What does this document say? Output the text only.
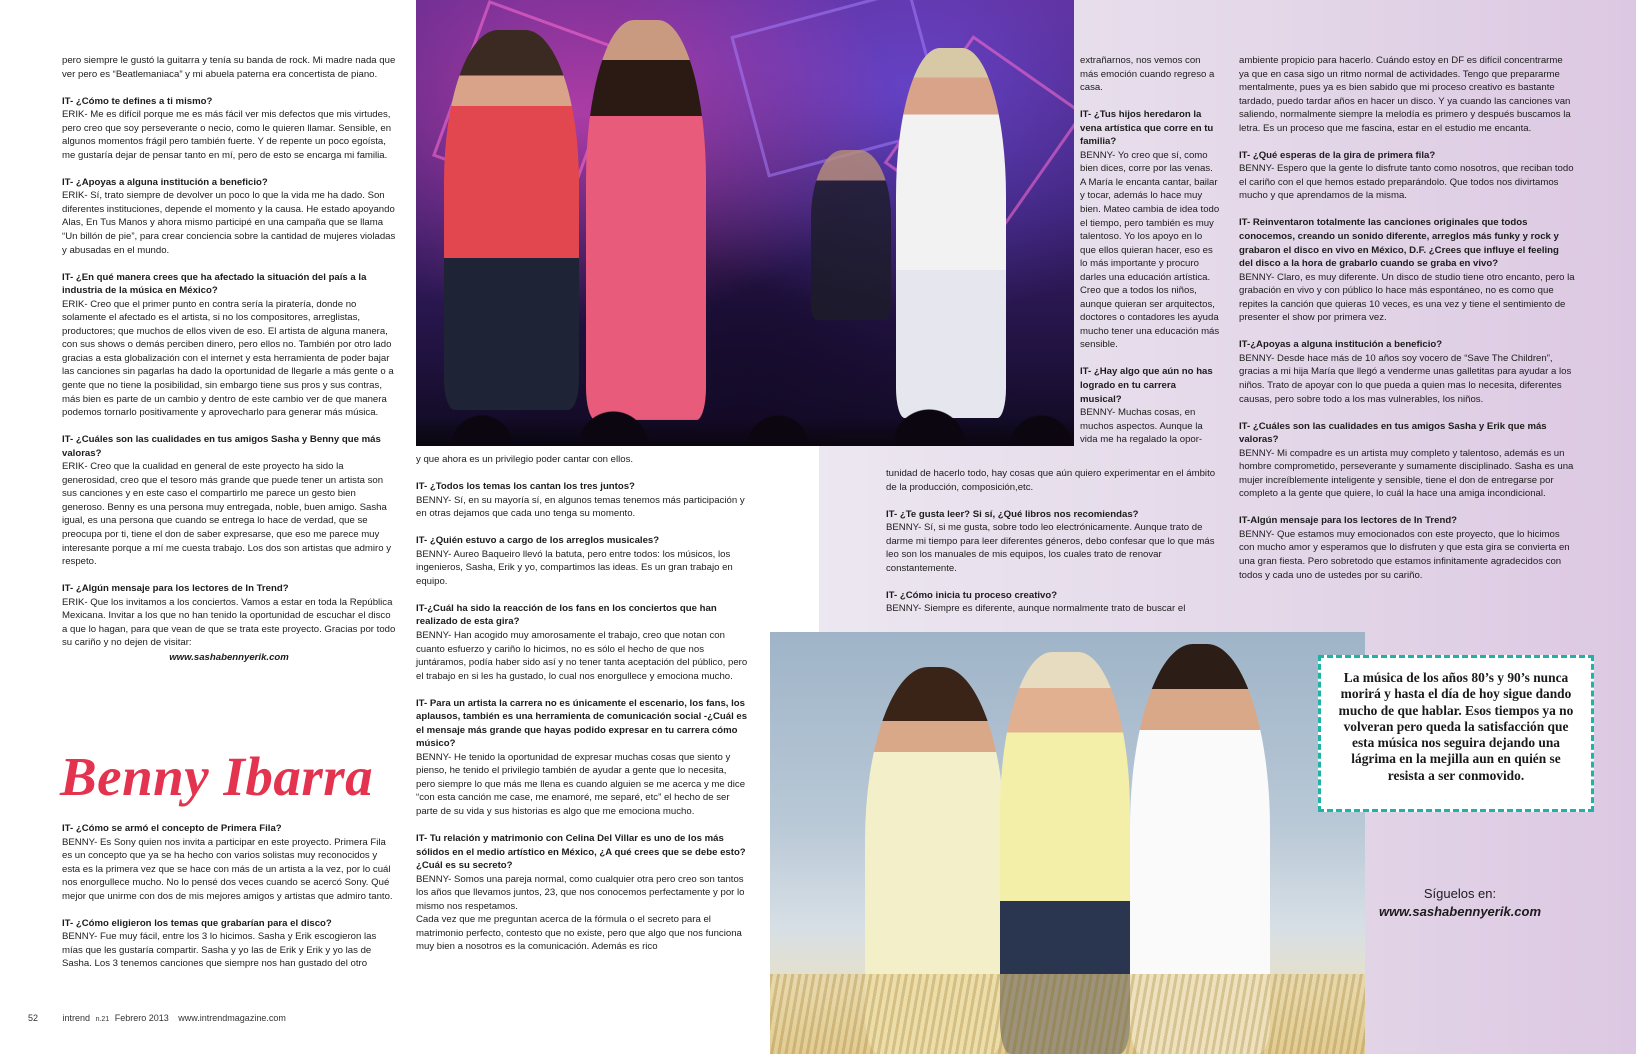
pero siempre le gustó la guitarra y tenía su banda de rock. Mi madre nada que ver pero es “Beatlemaniaca” y mi abuela paterna era concertista de piano.

IT- ¿Cómo te defines a ti mismo?
ERIK- Me es difícil porque me es más fácil ver mis defectos que mis virtudes, pero creo que soy perseverante o necio, como le quieren llamar. Sensible, en algunos momentos frágil pero también fuerte. Y de repente un poco egoísta, me gustaría dejar de pensar tanto en mí, pero de esto se encarga mi familia.

IT- ¿Apoyas a alguna institución a beneficio?
ERIK- Sí, trato siempre de devolver un poco lo que la vida me ha dado. Son diferentes instituciones, depende el momento y la causa. He estado apoyando Alas, En Tus Manos y ahora mismo participé en una campaña que se llama “Un billón de pie”, para crear conciencia sobre la cantidad de mujeres violadas y abusadas en el mundo.

IT- ¿En qué manera crees que ha afectado la situación del país a la industria de la música en México?
ERIK- Creo que el primer punto en contra sería la piratería, donde no solamente el afectado es el artista, si no los compositores, arreglistas, productores; que muchos de ellos viven de eso. El artista de alguna manera, con sus shows o demás perciben dinero, pero ellos no. También por otro lado gracias a esta globalización con el internet y esta herramienta de poder bajar las canciones sin pagarlas ha dado la oportunidad de llegarle a más gente o a gente que no tiene la posibilidad, sin embargo tiene sus pros y sus contras, más bien es parte de un cambio y dentro de este cambio ver de que manera podemos tornarlo positivamente y aprovecharlo para generar más música.

IT- ¿Cuáles son las cualidades en tus amigos Sasha y Benny que más valoras?
ERIK- Creo que la cualidad en general de este proyecto ha sido la generosidad, creo que el tesoro más grande que puede tener un artista son sus canciones y en este caso el compartirlo me parece un gesto bien generoso. Benny es una persona muy entregada, noble, buen amigo. Sasha igual, es una persona que cuando se entrega lo hace de verdad, que se preocupa por ti, tiene el don de saber expresarse, que eso me parece muy interesante porque a mí me cuesta trabajo. Los dos son artistas que admiro y respeto.

IT- ¿Algún mensaje para los lectores de In Trend?
ERIK- Que los invitamos a los conciertos. Vamos a estar en toda la República Mexicana. Invitar a los que no han tenido la oportunidad de escuchar el disco a que lo hagan, para que vean de que se trata este proyecto. Gracias por todo su cariño y no dejen de visitar:

www.sashabennyerik.com
Benny Ibarra

IT- ¿Cómo se armó el concepto de Primera Fila?
BENNY- Es Sony quien nos invita a participar en este proyecto. Primera Fila es un concepto que ya se ha hecho con varios solistas muy reconocidos y esta es la primera vez que se hace con más de un artista a la vez, por lo cuál nos enorgullece mucho. No lo pensé dos veces cuando se acercó Sony. Qué mejor que unirme con dos de mis mejores amigos y artistas que admiro tanto.

IT- ¿Cómo eligieron los temas que grabarían para el disco?
BENNY- Fue muy fácil, entre los 3 lo hicimos. Sasha y Erik escogieron las mías que les gustaría compartir. Sasha y yo las de Erik y Erik y yo las de Sasha. Los 3 tenemos canciones que siempre nos han gustado del otro

y que ahora es un privilegio poder cantar con ellos.

IT- ¿Todos los temas los cantan los tres juntos?
BENNY- Sí, en su mayoría sí, en algunos temas tenemos más participación y en otras dejamos que cada uno tenga su momento.

IT- ¿Quién estuvo a cargo de los arreglos musicales?
BENNY- Aureo Baqueiro llevó la batuta, pero entre todos: los músicos, los ingenieros, Sasha, Erik y yo, compartimos las ideas. Es un gran trabajo en equipo.

IT-¿Cuál ha sido la reacción de los fans en los conciertos que han realizado de esta gira?
BENNY- Han acogido muy amorosamente el trabajo, creo que notan con cuanto esfuerzo y cariño lo hicimos, no es sólo el hecho de que nos juntáramos, podía haber sido así y no tener tanta aceptación del público, pero el trabajo en si les ha gustado, lo cual nos enorgullece y emociona mucho.

IT- Para un artista la carrera no es únicamente el escenario, los fans, los aplausos, también es una herramienta de comunicación social -¿Cuál es el mensaje más grande que hayas podido expresar en tu carrera cómo músico?
BENNY- He tenido la oportunidad de expresar muchas cosas que siento y pienso, he tenido el privilegio también de ayudar a gente que lo necesita, pero siempre lo que más me llena es cuando alguien se me acerca y me dice “con esta canción me case, me enamoré, me separé, etc” el hecho de ser parte de su vida y sus historias es algo que me emociona mucho.

IT- Tu relación y matrimonio con Celina Del Villar es uno de los más sólidos en el medio artístico en México, ¿A qué crees que se debe esto? ¿Cuál es su secreto?
BENNY- Somos una pareja normal, como cualquier otra pero creo son tantos los años que llevamos juntos, 23, que nos conocemos perfectamente y por lo mismo nos respetamos.
Cada vez que me preguntan acerca de la fórmula o el secreto para el matrimonio perfecto, contesto que no existe, pero que algo que nos funciona muy bien a nosotros es la comunicación. Además es rico

extrañarnos, nos vemos con más emoción cuando regreso a casa.

IT- ¿Tus hijos heredaron la vena artística que corre en tu familia?
BENNY- Yo creo que sí, como bien dices, corre por las venas. A María le encanta cantar, bailar y tocar, además lo hace muy bien. Mateo cambia de idea todo el tiempo, pero también es muy talentoso. Yo los apoyo en lo que ellos quieran hacer, eso es lo más importante y procuro darles una educación artística. Creo que a todos los niños, aunque quieran ser arquitectos, doctores o contadores les ayuda mucho tener una educación más sensible.

IT- ¿Hay algo que aún no has logrado en tu carrera musical?
BENNY- Muchas cosas, en muchos aspectos. Aunque la vida me ha regalado la opor-

tunidad de hacerlo todo, hay cosas que aún quiero experimentar en el ámbito de la producción, composición,etc.

IT- ¿Te gusta leer? Si sí, ¿Qué libros nos recomiendas?
BENNY- Sí, si me gusta, sobre todo leo electrónicamente. Aunque trato de darme mi tiempo para leer diferentes géneros, debo confesar que lo que más leo son los manuales de mis equipos, los cuales trato de renovar constantemente.

IT- ¿Cómo inicia tu proceso creativo?
BENNY- Siempre es diferente, aunque normalmente trato de buscar el

ambiente propicio para hacerlo. Cuándo estoy en DF es difícil concentrarme ya que en casa sigo un ritmo normal de actividades. Tengo que prepararme mentalmente, pues ya es bien sabido que mi proceso creativo es bastante tardado, puedo tardar años en hacer un disco. Y ya cuando las canciones van saliendo, normalmente siempre la melodía es primero y después buscamos la letra. Es un proceso que me fascina, estar en el estudio me encanta.

IT- ¿Qué esperas de la gira de primera fila?
BENNY- Espero que la gente lo disfrute tanto como nosotros, que reciban todo el cariño con el que hemos estado preparándolo. Que todos nos divirtamos mucho y que aprendamos de la misma.

IT- Reinventaron totalmente las canciones originales que todos conocemos, creando un sonido diferente, arreglos más funky y rock y grabaron el disco en vivo en México, D.F. ¿Crees que influye el feeling del disco a la hora de grabarlo cuando se graba en vivo?
BENNY- Claro, es muy diferente. Un disco de studio tiene otro encanto, pero la grabación en vivo y con público lo hace más espontáneo, no es como que repites la canción que quieras 10 veces, es una vez y tiene el sentimiento de presenter el show por primera vez.

IT-¿Apoyas a alguna institución a beneficio?
BENNY- Desde hace más de 10 años soy vocero de “Save The Children”, gracias a mi hija María que llegó a venderme unas galletitas para ayudar a los niños. Trato de apoyar con lo que pueda a quien mas lo necesita, diferentes causas, pero sobre todo a los mas vulnerables, los niños.

IT- ¿Cuáles son las cualidades en tus amigos Sasha y Erik que más valoras?
BENNY- Mi compadre es un artista muy completo y talentoso, además es un hombre comprometido, perseverante y sumamente disciplinado. Sasha es una mujer increíblemente inteligente y sensible, tiene el don de entregarse por completo a la gente que quiere, lo cuál la hace una amiga incondicional.

IT-Algún mensaje para los lectores de In Trend?
BENNY- Que estamos muy emocionados con este proyecto, que lo hicimos con mucho amor y esperamos que lo disfruten y que esta gira se convierta en una gran fiesta. Pero sobretodo que estamos infinitamente agradecidos con todos y cada uno de ustedes por su cariño.

La música de los años 80’s y 90’s nunca morirá y hasta el día de hoy sigue dando mucho de que hablar. Esos tiempos ya no volveran pero queda la satisfacción que esta música nos seguira dejando una lágrima en la mejilla aun en quién se resista a ser conmovido.
Síguelos en:
www.sashabennyerik.com
52	intrend n.21 Febrero 2013 www.intrendmagazine.com
